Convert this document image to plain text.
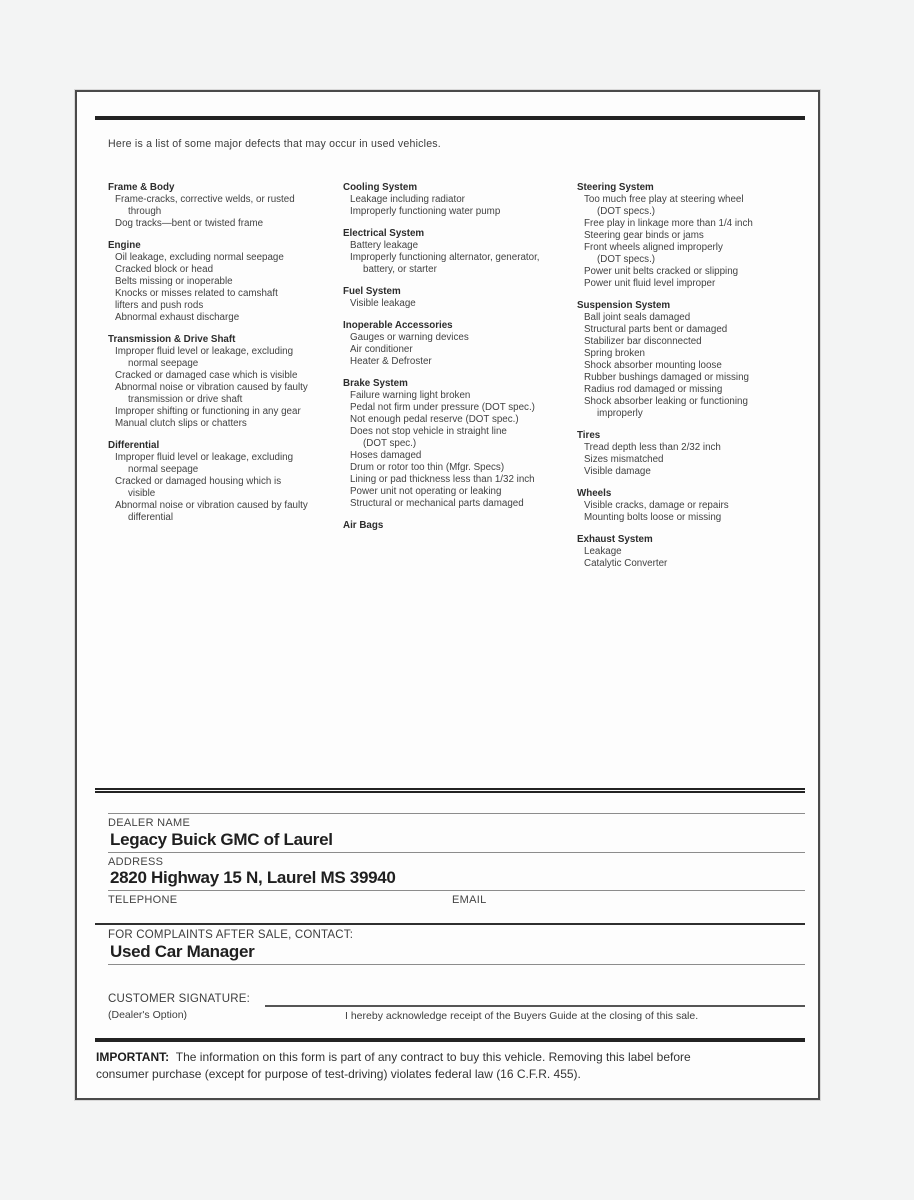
Here is a list of some major defects that may occur in used vehicles.
Frame & Body
Frame-cracks, corrective welds, or rusted
through
Dog tracks—bent or twisted frame
Engine
Oil leakage, excluding normal seepage
Cracked block or head
Belts missing or inoperable
Knocks or misses related to camshaft
lifters and push rods
Abnormal exhaust discharge
Transmission & Drive Shaft
Improper fluid level or leakage, excluding
normal seepage
Cracked or damaged case which is visible
Abnormal noise or vibration caused by faulty
transmission or drive shaft
Improper shifting or functioning in any gear
Manual clutch slips or chatters
Differential
Improper fluid level or leakage, excluding
normal seepage
Cracked or damaged housing which is
visible
Abnormal noise or vibration caused by faulty
differential
Cooling System
Leakage including radiator
Improperly functioning water pump
Electrical System
Battery leakage
Improperly functioning alternator, generator,
battery, or starter
Fuel System
Visible leakage
Inoperable Accessories
Gauges or warning devices
Air conditioner
Heater & Defroster
Brake System
Failure warning light broken
Pedal not firm under pressure (DOT spec.)
Not enough pedal reserve (DOT spec.)
Does not stop vehicle in straight line
(DOT spec.)
Hoses damaged
Drum or rotor too thin (Mfgr. Specs)
Lining or pad thickness less than 1/32 inch
Power unit not operating or leaking
Structural or mechanical parts damaged
Air Bags
Steering System
Too much free play at steering wheel
(DOT specs.)
Free play in linkage more than 1/4 inch
Steering gear binds or jams
Front wheels aligned improperly
(DOT specs.)
Power unit belts cracked or slipping
Power unit fluid level improper
Suspension System
Ball joint seals damaged
Structural parts bent or damaged
Stabilizer bar disconnected
Spring broken
Shock absorber mounting loose
Rubber bushings damaged or missing
Radius rod damaged or missing
Shock absorber leaking or functioning
improperly
Tires
Tread depth less than 2/32 inch
Sizes mismatched
Visible damage
Wheels
Visible cracks, damage or repairs
Mounting bolts loose or missing
Exhaust System
Leakage
Catalytic Converter
DEALER NAME
Legacy Buick GMC of Laurel
ADDRESS
2820 Highway 15 N, Laurel MS 39940
TELEPHONE	EMAIL
FOR COMPLAINTS AFTER SALE, CONTACT:
Used Car Manager
CUSTOMER SIGNATURE:
(Dealer's Option)	I hereby acknowledge receipt of the Buyers Guide at the closing of this sale.
IMPORTANT: The information on this form is part of any contract to buy this vehicle. Removing this label before
consumer purchase (except for purpose of test-driving) violates federal law (16 C.F.R. 455).
